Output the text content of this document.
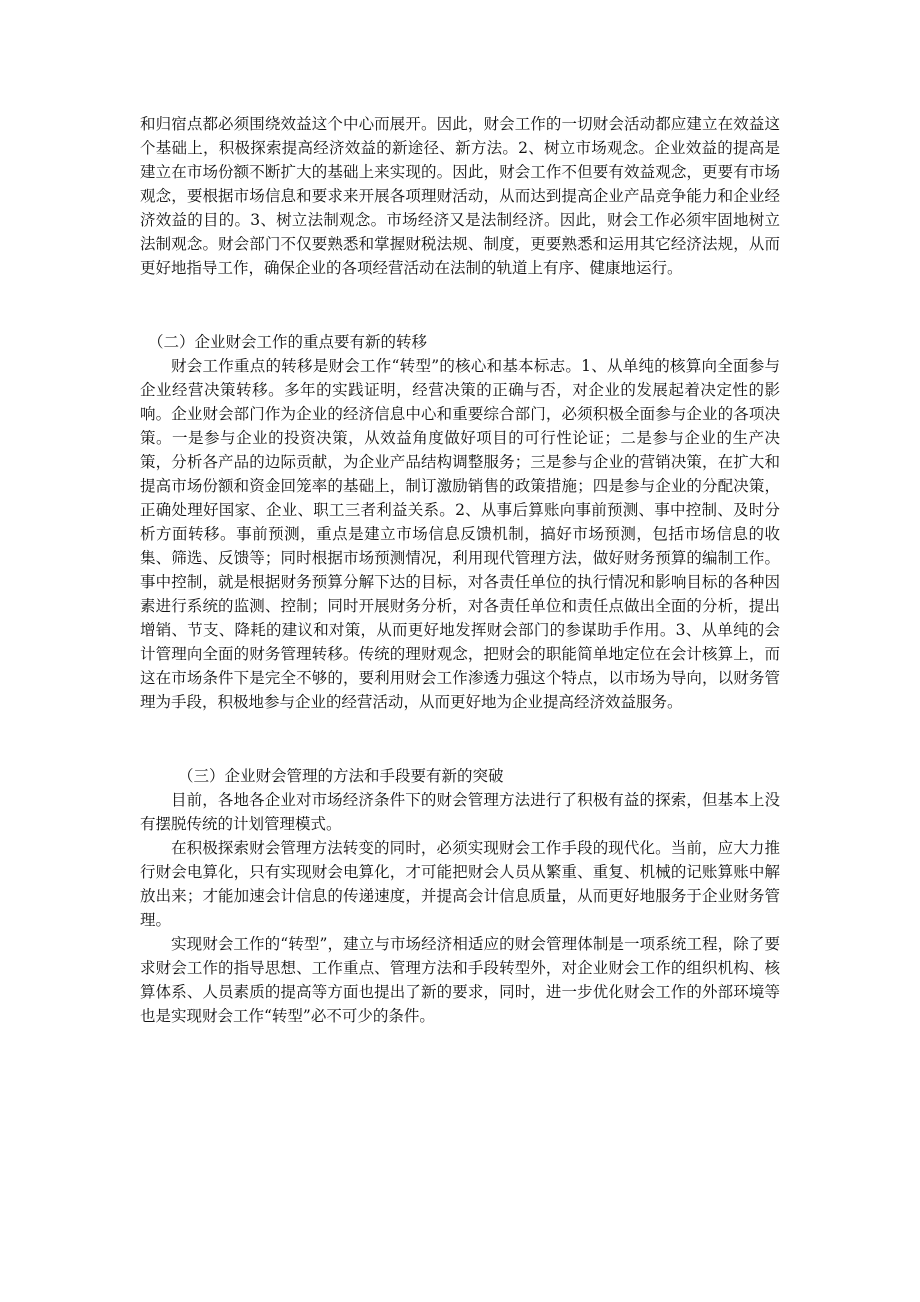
和归宿点都必须围绕效益这个中心而展开。因此，财会工作的一切财会活动都应建立在效益这个基础上，积极探索提高经济效益的新途径、新方法。2、树立市场观念。企业效益的提高是建立在市场份额不断扩大的基础上来实现的。因此，财会工作不但要有效益观念，更要有市场观念，要根据市场信息和要求来开展各项理财活动，从而达到提高企业产品竞争能力和企业经济效益的目的。3、树立法制观念。市场经济又是法制经济。因此，财会工作必须牢固地树立法制观念。财会部门不仅要熟悉和掌握财税法规、制度，更要熟悉和运用其它经济法规，从而更好地指导工作，确保企业的各项经营活动在法制的轨道上有序、健康地运行。

（二）企业财会工作的重点要有新的转移

财会工作重点的转移是财会工作“转型”的核心和基本标志。1、从单纯的核算向全面参与企业经营决策转移。多年的实践证明，经营决策的正确与否，对企业的发展起着决定性的影响。企业财会部门作为企业的经济信息中心和重要综合部门，必须积极全面参与企业的各项决策。一是参与企业的投资决策，从效益角度做好项目的可行性论证；二是参与企业的生产决策，分析各产品的边际贡献，为企业产品结构调整服务；三是参与企业的营销决策，在扩大和提高市场份额和资金回笼率的基础上，制订激励销售的政策措施；四是参与企业的分配决策，正确处理好国家、企业、职工三者利益关系。2、从事后算账向事前预测、事中控制、及时分析方面转移。事前预测，重点是建立市场信息反馈机制，搞好市场预测，包括市场信息的收集、筛选、反馈等；同时根据市场预测情况，利用现代管理方法，做好财务预算的编制工作。事中控制，就是根据财务预算分解下达的目标，对各责任单位的执行情况和影响目标的各种因素进行系统的监测、控制；同时开展财务分析，对各责任单位和责任点做出全面的分析，提出增销、节支、降耗的建议和对策，从而更好地发挥财会部门的参谋助手作用。3、从单纯的会计管理向全面的财务管理转移。传统的理财观念，把财会的职能简单地定位在会计核算上，而这在市场条件下是完全不够的，要利用财会工作渗透力强这个特点，以市场为导向，以财务管理为手段，积极地参与企业的经营活动，从而更好地为企业提高经济效益服务。

（三）企业财会管理的方法和手段要有新的突破

目前，各地各企业对市场经济条件下的财会管理方法进行了积极有益的探索，但基本上没有摆脱传统的计划管理模式。

在积极探索财会管理方法转变的同时，必须实现财会工作手段的现代化。当前，应大力推行财会电算化，只有实现财会电算化，才可能把财会人员从繁重、重复、机械的记账算账中解放出来；才能加速会计信息的传递速度，并提高会计信息质量，从而更好地服务于企业财务管理。

实现财会工作的“转型”，建立与市场经济相适应的财会管理体制是一项系统工程，除了要求财会工作的指导思想、工作重点、管理方法和手段转型外，对企业财会工作的组织机构、核算体系、人员素质的提高等方面也提出了新的要求，同时，进一步优化财会工作的外部环境等也是实现财会工作“转型”必不可少的条件。
